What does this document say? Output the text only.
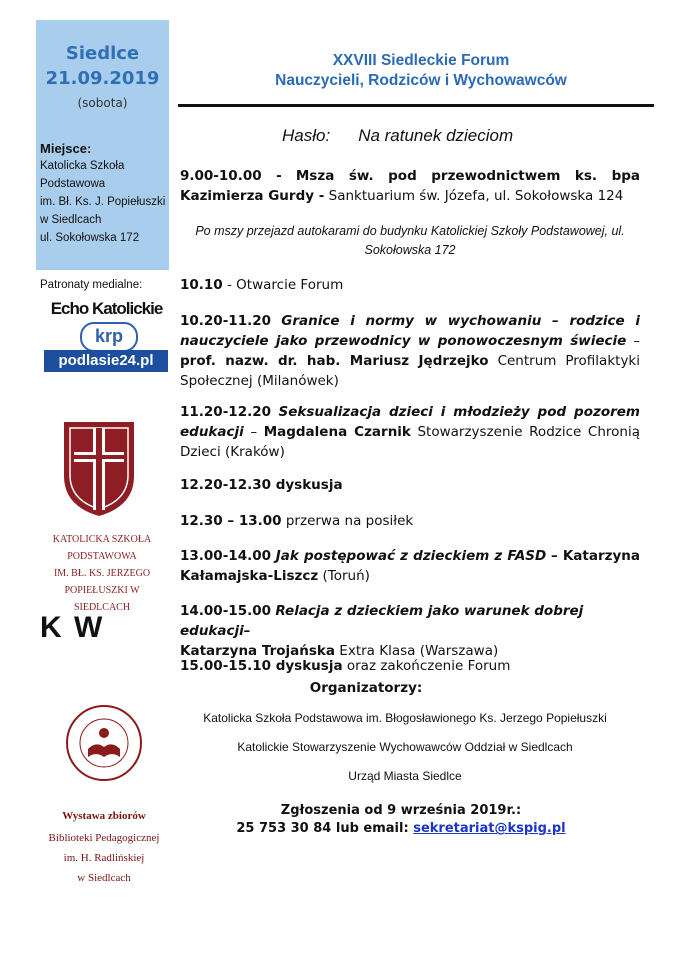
Siedlce
21.09.2019
(sobota)
Miejsce:
Katolicka Szkoła
Podstawowa
im. Bł. Ks. J. Popiełuszki
w Siedlcach
ul. Sokołowska 172
Patronaty medialne:
Echo Katolickie
krp
podlasie24.pl
KATOLICKA SZKOŁA PODSTAWOWA
IM. BŁ. KS. JERZEGO POPIEŁUSZKI W
SIEDLCACH
K W
Wystawa zbiorów
Biblioteki Pedagogicznej
im. H. Radlińskiej
w Siedlcach
XXVIII Siedleckie Forum
Nauczycieli, Rodziców i Wychowawców
Hasło: Na ratunek dzieciom
9.00-10.00 - Msza św. pod przewodnictwem ks. bpa Kazimierza Gurdy - Sanktuarium św. Józefa, ul. Sokołowska 124
Po mszy przejazd autokarami do budynku Katolickiej Szkoły Podstawowej, ul. Sokołowska 172
10.10 - Otwarcie Forum
10.20-11.20 Granice i normy w wychowaniu – rodzice i nauczyciele jako przewodnicy w ponowoczesnym świecie – prof. nazw. dr. hab. Mariusz Jędrzejko Centrum Profilaktyki Społecznej (Milanówek)
11.20-12.20 Seksualizacja dzieci i młodzieży pod pozorem edukacji – Magdalena Czarnik Stowarzyszenie Rodzice Chronią Dzieci (Kraków)
12.20-12.30 dyskusja
12.30 – 13.00 przerwa na posiłek
13.00-14.00 Jak postępować z dzieckiem z FASD – Katarzyna Kałamajska-Liszcz (Toruń)
14.00-15.00 Relacja z dzieckiem jako warunek dobrej edukacji–
Katarzyna Trojańska Extra Klasa (Warszawa)
15.00-15.10 dyskusja oraz zakończenie Forum
Organizatorzy:
Katolicka Szkoła Podstawowa im. Błogosławionego Ks. Jerzego Popiełuszki
Katolickie Stowarzyszenie Wychowawców Oddział w Siedlcach
Urząd Miasta Siedlce
Zgłoszenia od 9 września 2019r.:
25 753 30 84 lub email: sekretariat@kspig.pl
